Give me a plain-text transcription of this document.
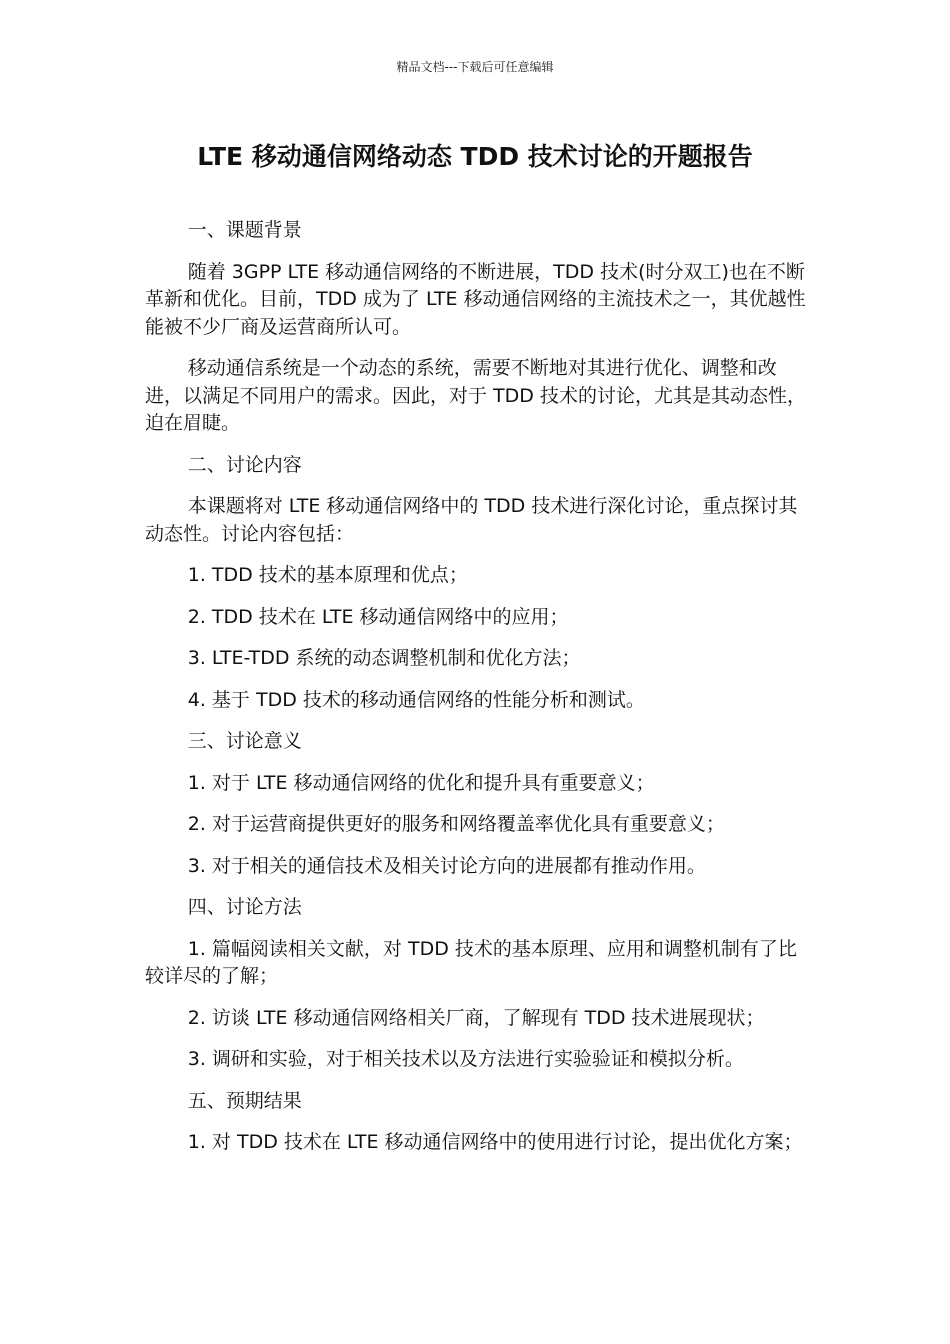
精品文档---下载后可任意编辑
LTE 移动通信网络动态 TDD 技术讨论的开题报告

一、课题背景

随着 3GPP LTE 移动通信网络的不断进展，TDD 技术(时分双工)也在不断革新和优化。目前，TDD 成为了 LTE 移动通信网络的主流技术之一，其优越性能被不少厂商及运营商所认可。

移动通信系统是一个动态的系统，需要不断地对其进行优化、调整和改进，以满足不同用户的需求。因此，对于 TDD 技术的讨论，尤其是其动态性，迫在眉睫。

二、讨论内容

本课题将对 LTE 移动通信网络中的 TDD 技术进行深化讨论，重点探讨其动态性。讨论内容包括：

1. TDD 技术的基本原理和优点；

2. TDD 技术在 LTE 移动通信网络中的应用；

3. LTE-TDD 系统的动态调整机制和优化方法；

4. 基于 TDD 技术的移动通信网络的性能分析和测试。

三、讨论意义

1. 对于 LTE 移动通信网络的优化和提升具有重要意义；

2. 对于运营商提供更好的服务和网络覆盖率优化具有重要意义；

3. 对于相关的通信技术及相关讨论方向的进展都有推动作用。

四、讨论方法

1. 篇幅阅读相关文献，对 TDD 技术的基本原理、应用和调整机制有了比较详尽的了解；

2. 访谈 LTE 移动通信网络相关厂商，了解现有 TDD 技术进展现状；

3. 调研和实验，对于相关技术以及方法进行实验验证和模拟分析。

五、预期结果

1. 对 TDD 技术在 LTE 移动通信网络中的使用进行讨论，提出优化方案；
